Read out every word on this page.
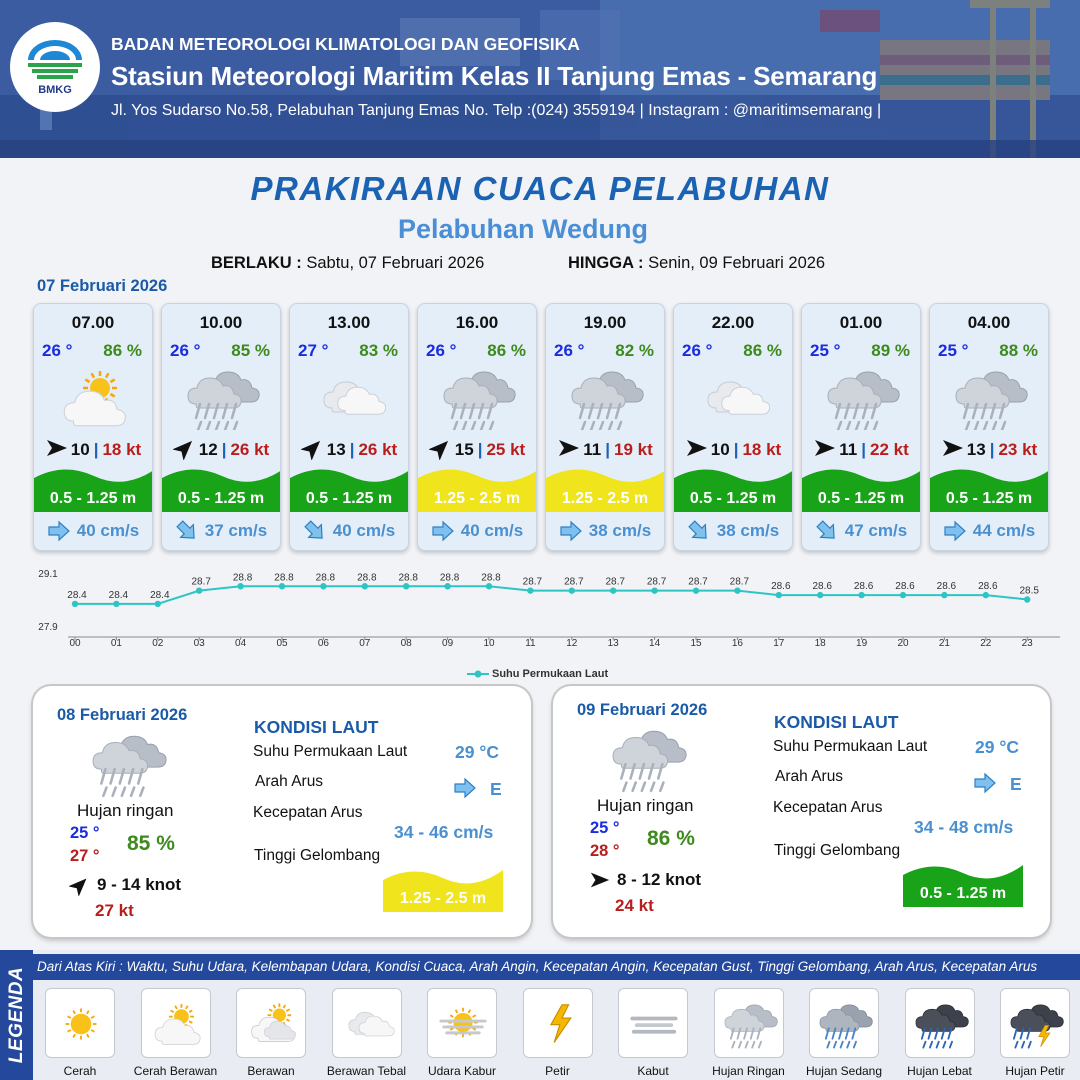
BMKG
BADAN METEOROLOGI KLIMATOLOGI DAN GEOFISIKA
Stasiun Meteorologi Maritim Kelas II Tanjung Emas - Semarang
Jl. Yos Sudarso No.58, Pelabuhan Tanjung Emas No. Telp :(024) 3559194 | Instagram : @maritimsemarang |
PRAKIRAAN CUACA PELABUHAN
Pelabuhan Wedung
BERLAKU : Sabtu, 07 Februari 2026	HINGGA : Senin, 09 Februari 2026
07 Februari 2026
07.00
26 ° 86 %
10 | 18 kt
0.5 - 1.25 m
40 cm/s
10.00
26 ° 85 %
12 | 26 kt
0.5 - 1.25 m
37 cm/s
13.00
27 ° 83 %
13 | 26 kt
0.5 - 1.25 m
40 cm/s
16.00
26 ° 86 %
15 | 25 kt
1.25 - 2.5 m
40 cm/s
19.00
26 ° 82 %
11 | 19 kt
1.25 - 2.5 m
38 cm/s
22.00
26 ° 86 %
10 | 18 kt
0.5 - 1.25 m
38 cm/s
01.00
25 ° 89 %
11 | 22 kt
0.5 - 1.25 m
47 cm/s
04.00
25 ° 88 %
13 | 23 kt
0.5 - 1.25 m
44 cm/s
29.1
27.9
28.4
00
28.4
01
28.4
02
28.7
03
28.8
04
28.8
05
28.8
06
28.8
07
28.8
08
28.8
09
28.8
10
28.7
11
28.7
12
28.7
13
28.7
14
28.7
15
28.7
16
28.6
17
28.6
18
28.6
19
28.6
20
28.6
21
28.6
22
28.5
23
Suhu Permukaan Laut
08 Februari 2026
Hujan ringan
25 °
27 °
85 %
9 - 14 knot
27 kt
KONDISI LAUT
Suhu Permukaan Laut	29 °C
Arah Arus	E
Kecepatan Arus
34 - 46 cm/s
Tinggi Gelombang
1.25 - 2.5 m
09 Februari 2026
Hujan ringan
25 °
28 °
86 %
8 - 12 knot
24 kt
KONDISI LAUT
Suhu Permukaan Laut	29 °C
Arah Arus	E
Kecepatan Arus
34 - 48 cm/s
Tinggi Gelombang
0.5 - 1.25 m
LEGENDA
Dari Atas Kiri : Waktu, Suhu Udara, Kelembapan Udara, Kondisi Cuaca, Arah Angin, Kecepatan Angin, Kecepatan Gust, Tinggi Gelombang, Arah Arus, Kecepatan Arus
Cerah	Cerah Berawan	Berawan	Berawan Tebal	Udara Kabur	Petir	Kabut	Hujan Ringan	Hujan Sedang	Hujan Lebat	Hujan Petir
